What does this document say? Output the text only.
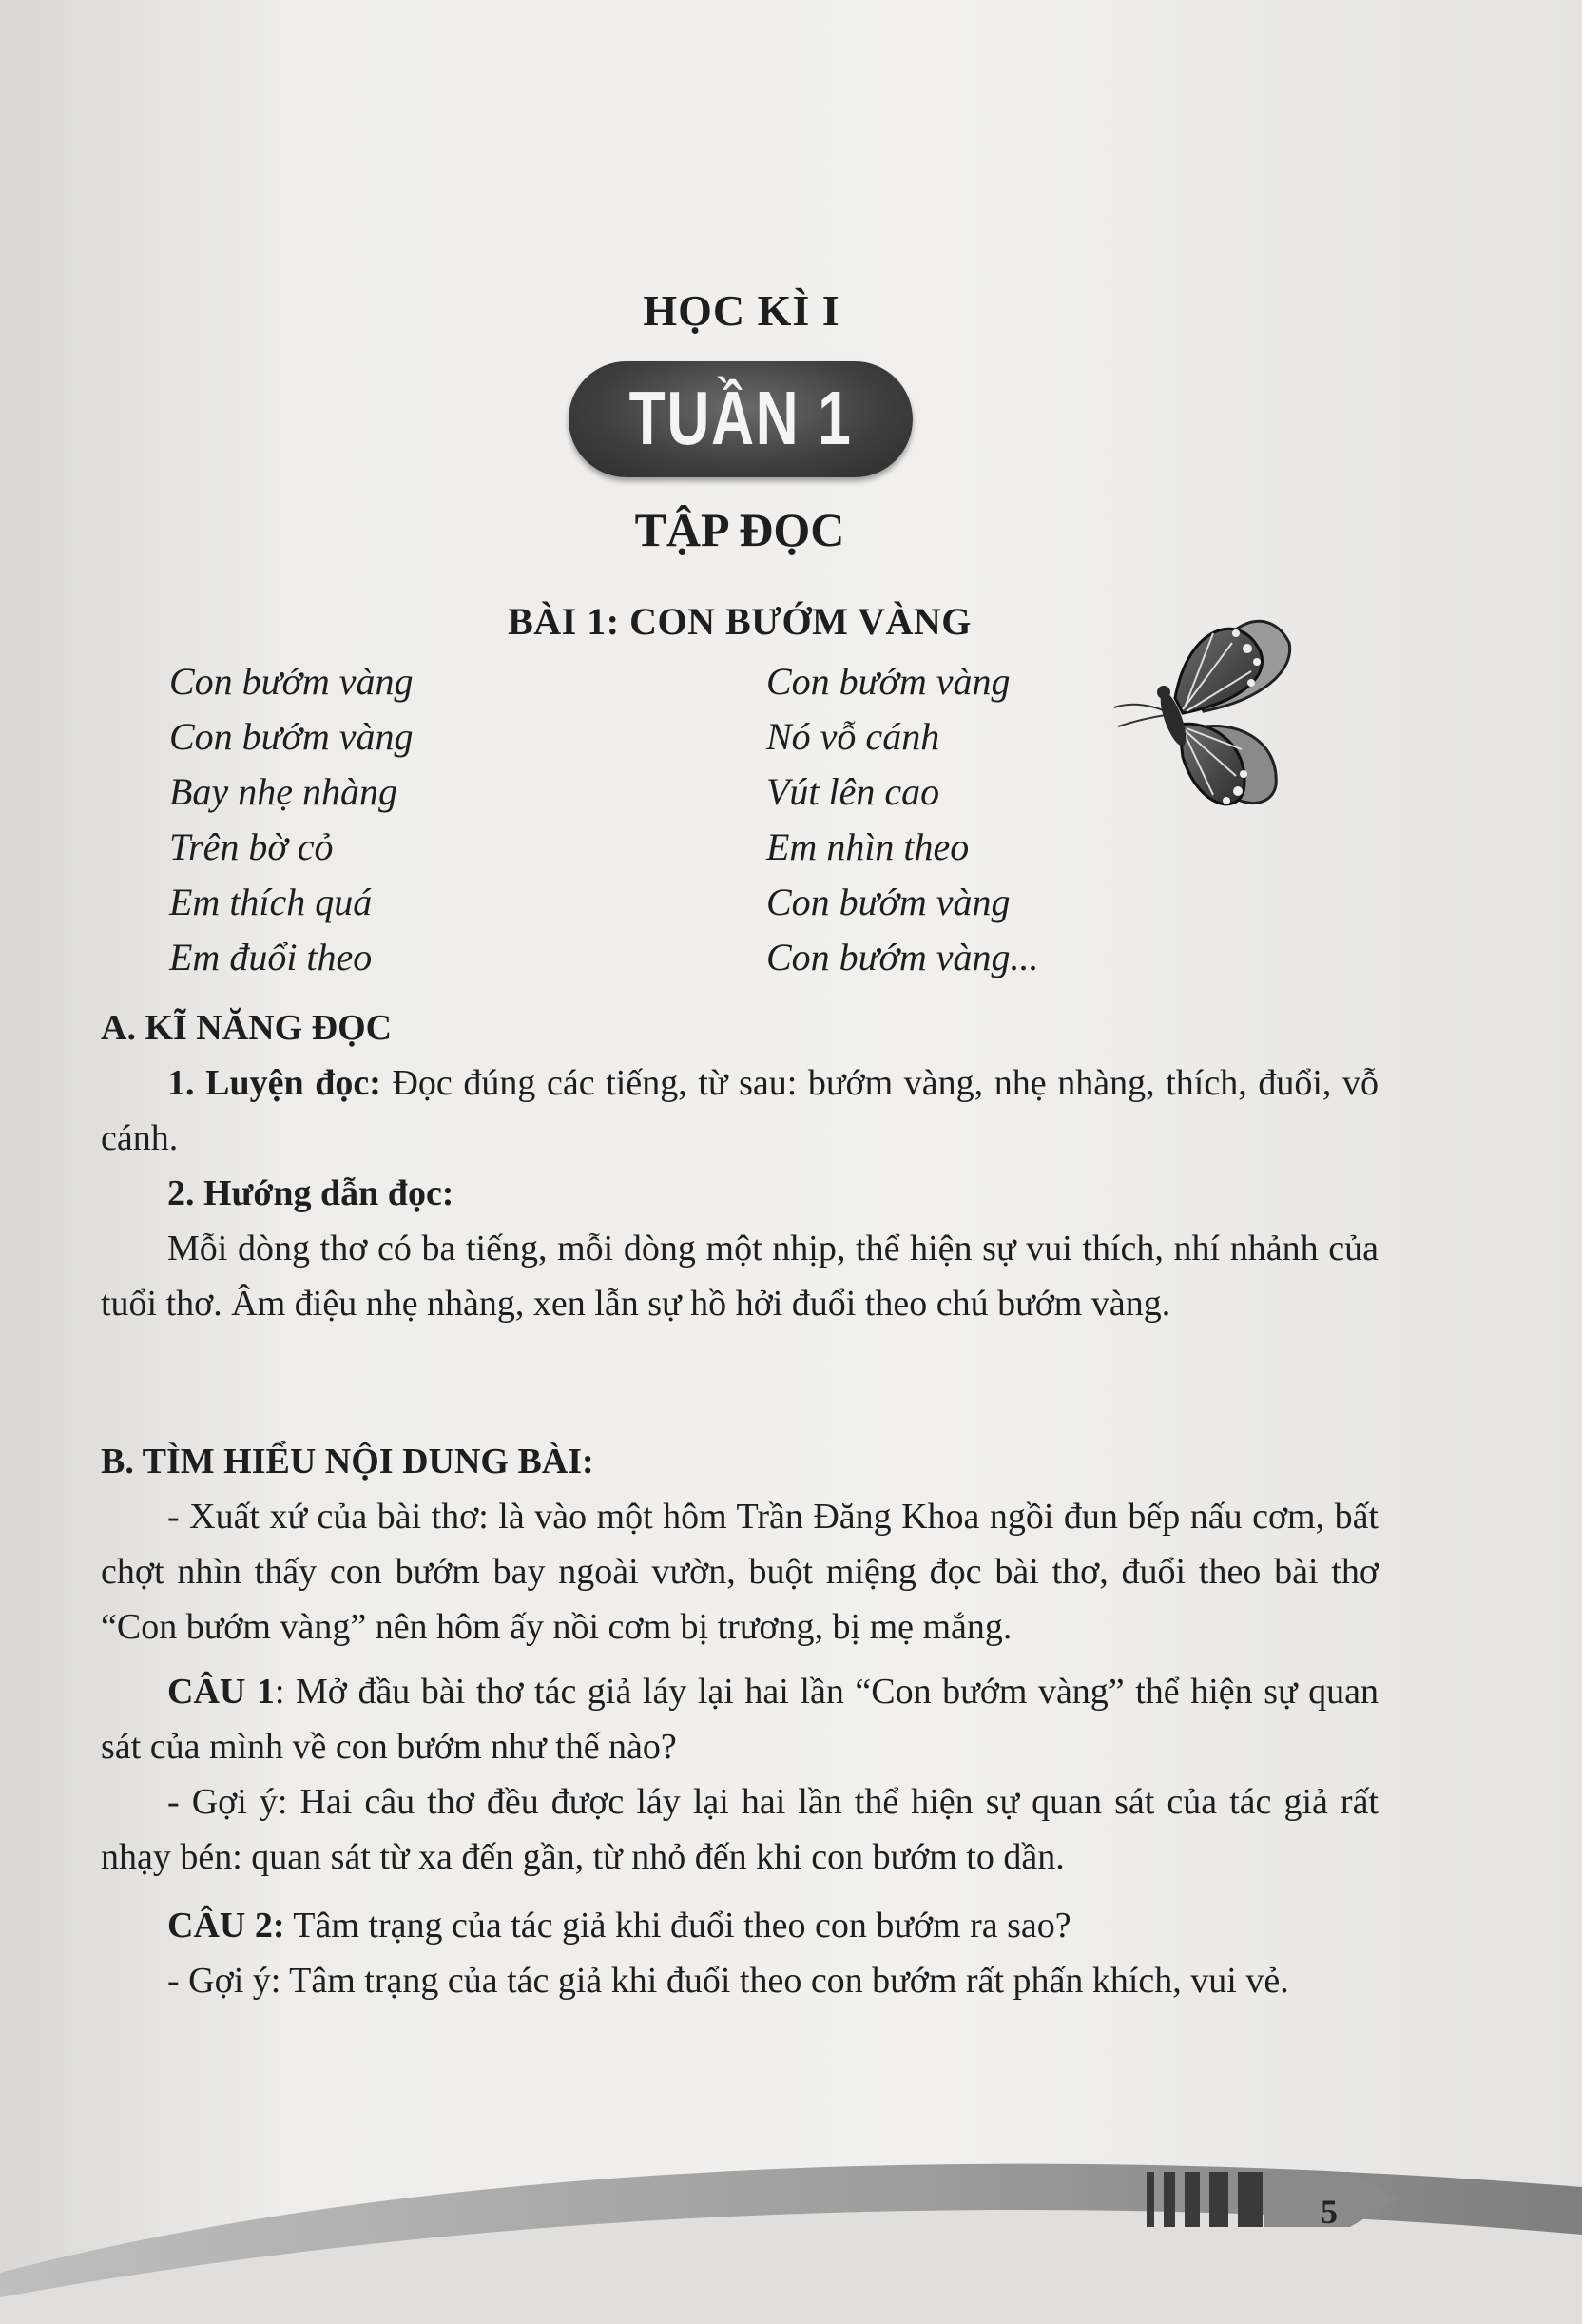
HỌC KÌ I
TUẦN 1
TẬP ĐỌC
BÀI 1: CON BƯỚM VÀNG
Con bướm vàng
Con bướm vàng
Bay nhẹ nhàng
Trên bờ cỏ
Em thích quá
Em đuổi theo
Con bướm vàng
Nó vỗ cánh
Vút lên cao
Em nhìn theo
Con bướm vàng
Con bướm vàng...

A. KĨ NĂNG ĐỌC

1. Luyện đọc: Đọc đúng các tiếng, từ sau: bướm vàng, nhẹ nhàng, thích, đuổi, vỗ cánh.

2. Hướng dẫn đọc:

Mỗi dòng thơ có ba tiếng, mỗi dòng một nhịp, thể hiện sự vui thích, nhí nhảnh của tuổi thơ. Âm điệu nhẹ nhàng, xen lẫn sự hồ hởi đuổi theo chú bướm vàng.

B. TÌM HIỂU NỘI DUNG BÀI:

- Xuất xứ của bài thơ: là vào một hôm Trần Đăng Khoa ngồi đun bếp nấu cơm, bất chợt nhìn thấy con bướm bay ngoài vườn, buột miệng đọc bài thơ, đuổi theo bài thơ “Con bướm vàng” nên hôm ấy nồi cơm bị trương, bị mẹ mắng.

CÂU 1: Mở đầu bài thơ tác giả láy lại hai lần “Con bướm vàng” thể hiện sự quan sát của mình về con bướm như thế nào?

- Gợi ý: Hai câu thơ đều được láy lại hai lần thể hiện sự quan sát của tác giả rất nhạy bén: quan sát từ xa đến gần, từ nhỏ đến khi con bướm to dần.

CÂU 2: Tâm trạng của tác giả khi đuổi theo con bướm ra sao?

- Gợi ý: Tâm trạng của tác giả khi đuổi theo con bướm rất phấn khích, vui vẻ.

5
